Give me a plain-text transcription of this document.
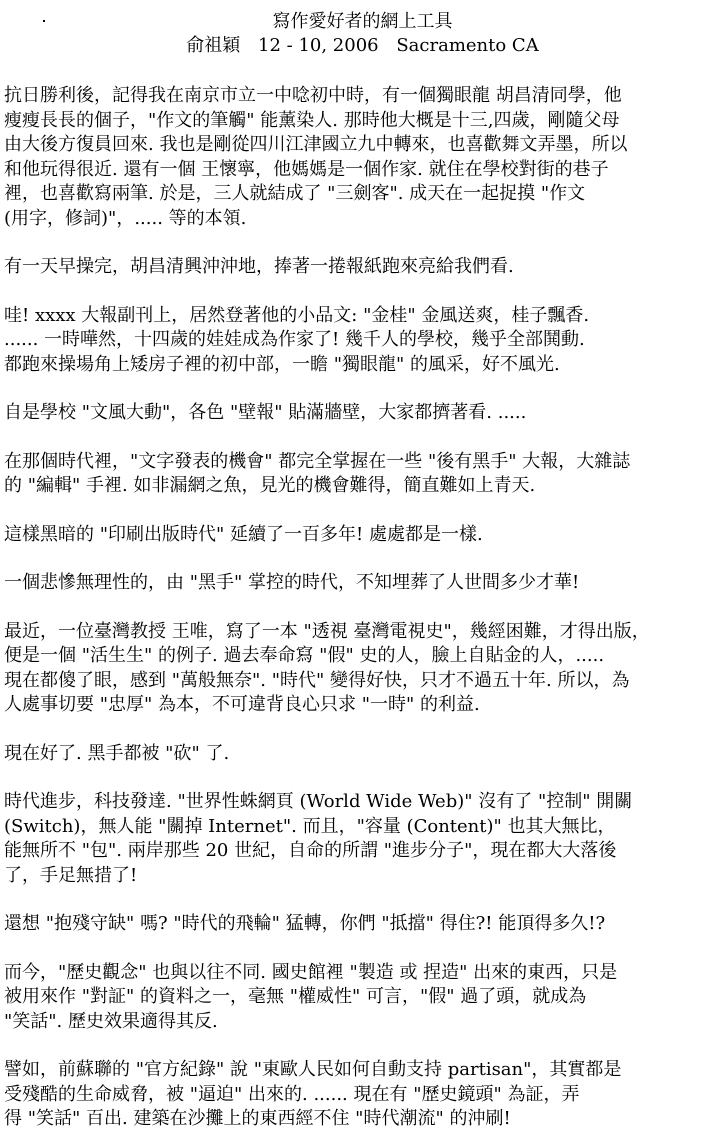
寫作愛好者的網上工具
俞祖穎 12 - 10, 2006 Sacramento CA
抗日勝利後，記得我在南京市立一中唸初中時，有一個獨眼龍 胡昌清同學，他
瘦瘦長長的個子，"作文的筆觸" 能薰染人. 那時他大概是十三,四歲，剛隨父母
由大後方復員回來. 我也是剛從四川江津國立九中轉來，也喜歡舞文弄墨，所以
和他玩得很近. 還有一個 王懷寧，他媽媽是一個作家. 就住在學校對街的巷子
裡，也喜歡寫兩筆. 於是，三人就結成了 "三劍客". 成天在一起捉摸 "作文
(用字，修詞)"，..... 等的本領.
有一天早操完，胡昌清興沖沖地，捧著一捲報紙跑來亮給我們看.
哇! xxxx 大報副刊上，居然登著他的小品文: "金桂" 金風送爽，桂子飄香.
...... 一時嘩然，十四歲的娃娃成為作家了! 幾千人的學校，幾乎全部鬨動.
都跑來操場角上矮房子裡的初中部，一瞻 "獨眼龍" 的風采，好不風光.
自是學校 "文風大動"，各色 "壁報" 貼滿牆壁，大家都擠著看. .....
在那個時代裡，"文字發表的機會" 都完全掌握在一些 "後有黑手" 大報，大雜誌
的 "編輯" 手裡. 如非漏網之魚，見光的機會難得，簡直難如上青天.
這樣黑暗的 "印刷出版時代" 延續了一百多年! 處處都是一樣.
一個悲慘無理性的，由 "黑手" 掌控的時代，不知埋葬了人世間多少才華!
最近，一位臺灣教授 王唯，寫了一本 "透視 臺灣電視史"，幾經困難，才得出版，
便是一個 "活生生" 的例子. 過去奉命寫 "假" 史的人，臉上自貼金的人，.....
現在都傻了眼，感到 "萬般無奈". "時代" 變得好快，只才不過五十年. 所以，為
人處事切要 "忠厚" 為本，不可違背良心只求 "一時" 的利益.
現在好了. 黑手都被 "砍" 了.
時代進步，科技發達. "世界性蛛網頁 (World Wide Web)" 沒有了 "控制" 開關
(Switch)，無人能 "關掉 Internet". 而且，"容量 (Content)" 也其大無比，
能無所不 "包". 兩岸那些 20 世紀，自命的所謂 "進步分子"，現在都大大落後
了，手足無措了!
還想 "抱殘守缺" 嗎? "時代的飛輪" 猛轉，你們 "抵擋" 得住?! 能頂得多久!?
而今，"歷史觀念" 也與以往不同. 國史館裡 "製造 或 捏造" 出來的東西，只是
被用來作 "對証" 的資料之一，毫無 "權威性" 可言，"假" 過了頭，就成為
"笑話". 歷史效果適得其反.
譬如，前蘇聯的 "官方紀錄" 說 "東歐人民如何自動支持 partisan"，其實都是
受殘酷的生命威脅，被 "逼迫" 出來的. ...... 現在有 "歷史鏡頭" 為証，弄
得 "笑話" 百出. 建築在沙攤上的東西經不住 "時代潮流" 的沖刷!
